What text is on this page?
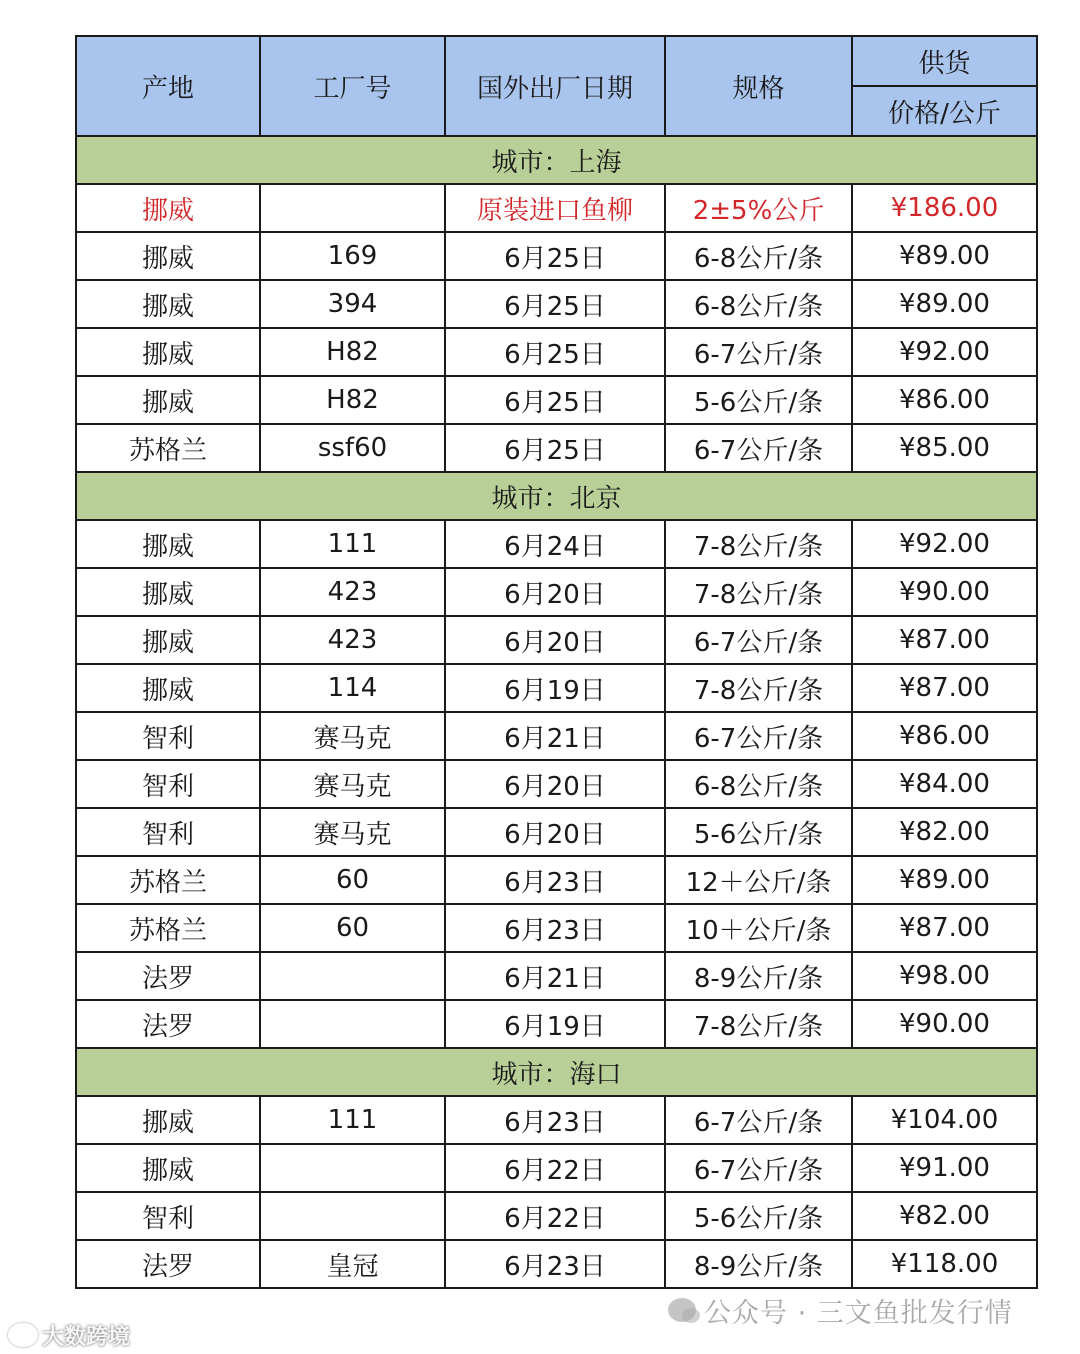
产地	工厂号	国外出厂日期	规格	供货
				价格/公斤
城市：上海				
挪威		原装进口鱼柳	2±5%公斤	¥186.00
挪威	169	6月25日	6-8公斤/条	¥89.00
挪威	394	6月25日	6-8公斤/条	¥89.00
挪威	H82	6月25日	6-7公斤/条	¥92.00
挪威	H82	6月25日	5-6公斤/条	¥86.00
苏格兰	ssf60	6月25日	6-7公斤/条	¥85.00
城市：北京				
挪威	111	6月24日	7-8公斤/条	¥92.00
挪威	423	6月20日	7-8公斤/条	¥90.00
挪威	423	6月20日	6-7公斤/条	¥87.00
挪威	114	6月19日	7-8公斤/条	¥87.00
智利	赛马克	6月21日	6-7公斤/条	¥86.00
智利	赛马克	6月20日	6-8公斤/条	¥84.00
智利	赛马克	6月20日	5-6公斤/条	¥82.00
苏格兰	60	6月23日	12＋公斤/条	¥89.00
苏格兰	60	6月23日	10＋公斤/条	¥87.00
法罗		6月21日	8-9公斤/条	¥98.00
法罗		6月19日	7-8公斤/条	¥90.00
城市：海口				
挪威	111	6月23日	6-7公斤/条	¥104.00
挪威		6月22日	6-7公斤/条	¥91.00
智利		6月22日	5-6公斤/条	¥82.00
法罗	皇冠	6月23日	8-9公斤/条	¥118.00
大数跨境
公众号 · 三文鱼批发行情
